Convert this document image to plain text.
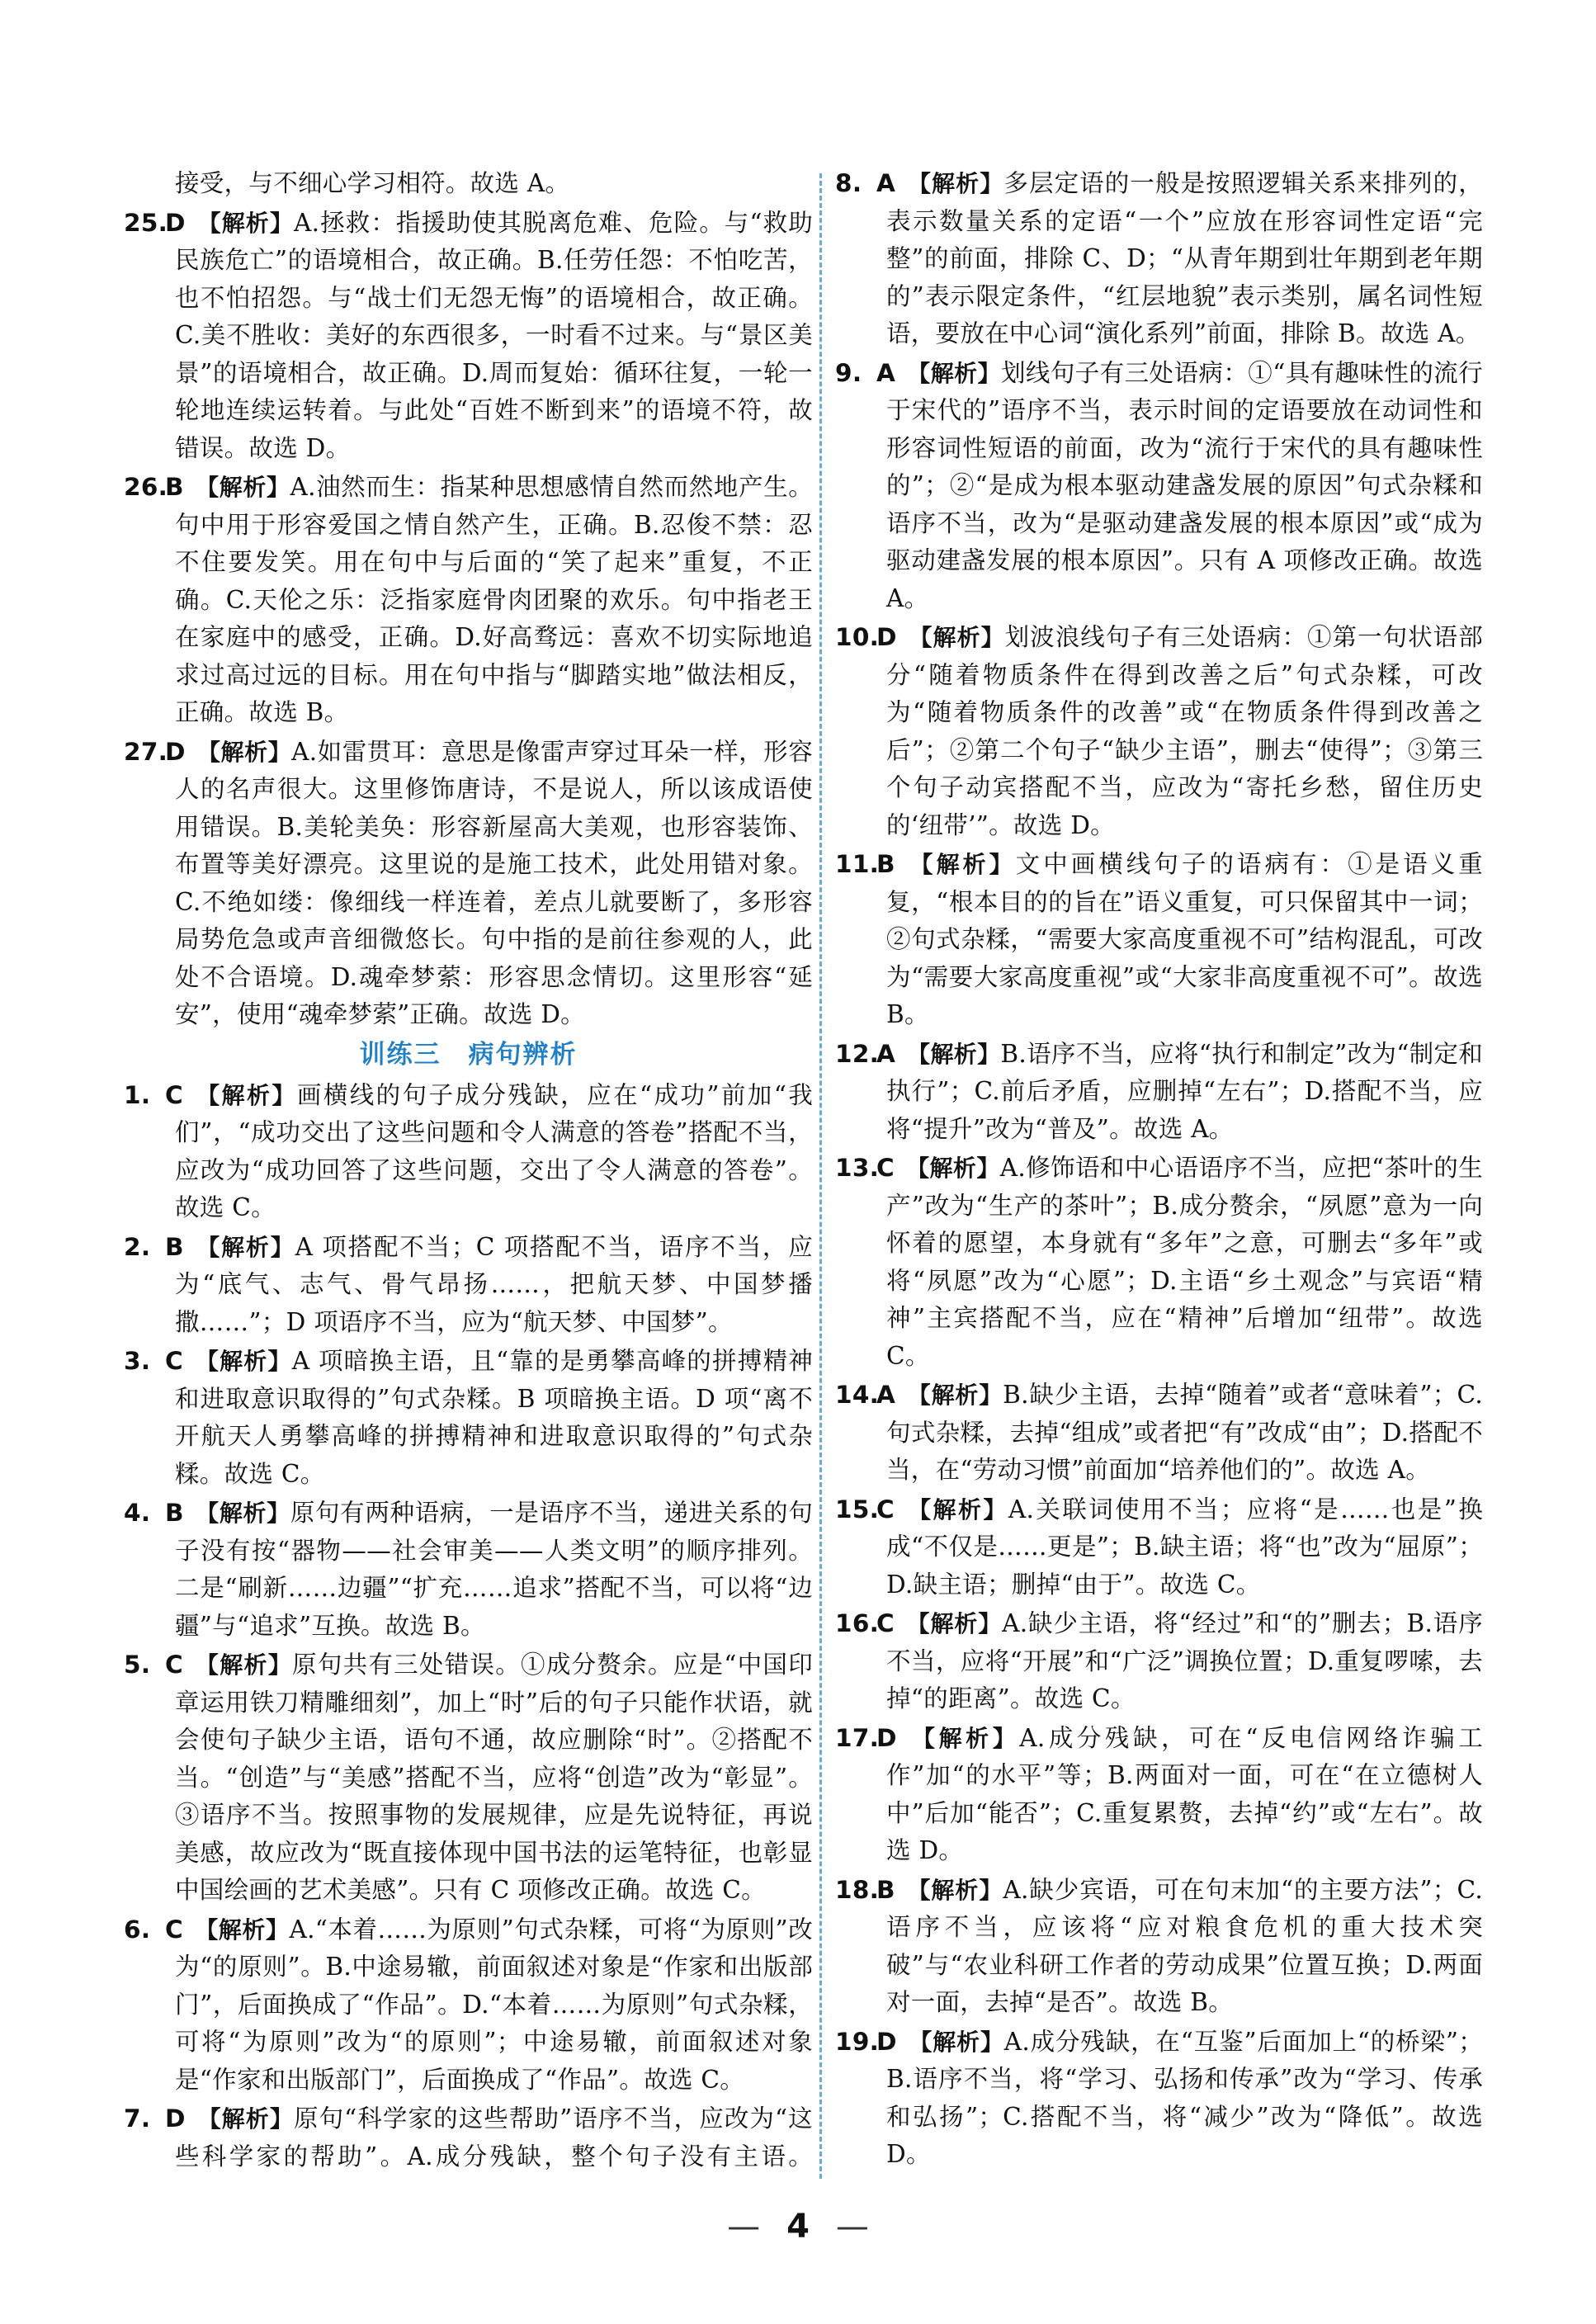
接受，与不细心学习相符。故选 A。
25.D 【解析】A.拯救：指援助使其脱离危难、危险。与“救助民族危亡”的语境相合，故正确。B.任劳任怨：不怕吃苦，也不怕招怨。与“战士们无怨无悔”的语境相合，故正确。C.美不胜收：美好的东西很多，一时看不过来。与“景区美景”的语境相合，故正确。D.周而复始：循环往复，一轮一轮地连续运转着。与此处“百姓不断到来”的语境不符，故错误。故选 D。
26.B 【解析】A.油然而生：指某种思想感情自然而然地产生。句中用于形容爱国之情自然产生，正确。B.忍俊不禁：忍不住要发笑。用在句中与后面的“笑了起来”重复，不正确。C.天伦之乐：泛指家庭骨肉团聚的欢乐。句中指老王在家庭中的感受，正确。D.好高骛远：喜欢不切实际地追求过高过远的目标。用在句中指与“脚踏实地”做法相反，正确。故选 B。
27.D 【解析】A.如雷贯耳：意思是像雷声穿过耳朵一样，形容人的名声很大。这里修饰唐诗，不是说人，所以该成语使用错误。B.美轮美奂：形容新屋高大美观，也形容装饰、布置等美好漂亮。这里说的是施工技术，此处用错对象。C.不绝如缕：像细线一样连着，差点儿就要断了，多形容局势危急或声音细微悠长。句中指的是前往参观的人，此处不合语境。D.魂牵梦萦：形容思念情切。这里形容“延安”，使用“魂牵梦萦”正确。故选 D。
训练三　病句辨析
1. C 【解析】画横线的句子成分残缺，应在“成功”前加“我们”，“成功交出了这些问题和令人满意的答卷”搭配不当，应改为“成功回答了这些问题，交出了令人满意的答卷”。故选 C。
2. B 【解析】A 项搭配不当；C 项搭配不当，语序不当，应为“底气、志气、骨气昂扬……，把航天梦、中国梦播撒……”；D 项语序不当，应为“航天梦、中国梦”。
3. C 【解析】A 项暗换主语，且“靠的是勇攀高峰的拼搏精神和进取意识取得的”句式杂糅。B 项暗换主语。D 项“离不开航天人勇攀高峰的拼搏精神和进取意识取得的”句式杂糅。故选 C。
4. B 【解析】原句有两种语病，一是语序不当，递进关系的句子没有按“器物——社会审美——人类文明”的顺序排列。二是“刷新……边疆”“扩充……追求”搭配不当，可以将“边疆”与“追求”互换。故选 B。
5. C 【解析】原句共有三处错误。①成分赘余。应是“中国印章运用铁刀精雕细刻”，加上“时”后的句子只能作状语，就会使句子缺少主语，语句不通，故应删除“时”。②搭配不当。“创造”与“美感”搭配不当，应将“创造”改为“彰显”。③语序不当。按照事物的发展规律，应是先说特征，再说美感，故应改为“既直接体现中国书法的运笔特征，也彰显中国绘画的艺术美感”。只有 C 项修改正确。故选 C。
6. C 【解析】A.“本着……为原则”句式杂糅，可将“为原则”改为“的原则”。B.中途易辙，前面叙述对象是“作家和出版部门”，后面换成了“作品”。D.“本着……为原则”句式杂糅，可将“为原则”改为“的原则”；中途易辙，前面叙述对象是“作家和出版部门”，后面换成了“作品”。故选 C。
7. D 【解析】原句“科学家的这些帮助”语序不当，应改为“这些科学家的帮助”。A.成分残缺，整个句子没有主语。
8. A 【解析】多层定语的一般是按照逻辑关系来排列的，表示数量关系的定语“一个”应放在形容词性定语“完整”的前面，排除 C、D；“从青年期到壮年期到老年期的”表示限定条件，“红层地貌”表示类别，属名词性短语，要放在中心词“演化系列”前面，排除 B。故选 A。
9. A 【解析】划线句子有三处语病：①“具有趣味性的流行于宋代的”语序不当，表示时间的定语要放在动词性和形容词性短语的前面，改为“流行于宋代的具有趣味性的”；②“是成为根本驱动建盏发展的原因”句式杂糅和语序不当，改为“是驱动建盏发展的根本原因”或“成为驱动建盏发展的根本原因”。只有 A 项修改正确。故选 A。
10.D 【解析】划波浪线句子有三处语病：①第一句状语部分“随着物质条件在得到改善之后”句式杂糅，可改为“随着物质条件的改善”或“在物质条件得到改善之后”；②第二个句子“缺少主语”，删去“使得”；③第三个句子动宾搭配不当，应改为“寄托乡愁，留住历史的‘纽带’”。故选 D。
11.B 【解析】文中画横线句子的语病有：①是语义重复，“根本目的的旨在”语义重复，可只保留其中一词；②句式杂糅，“需要大家高度重视不可”结构混乱，可改为“需要大家高度重视”或“大家非高度重视不可”。故选 B。
12.A 【解析】B.语序不当，应将“执行和制定”改为“制定和执行”；C.前后矛盾，应删掉“左右”；D.搭配不当，应将“提升”改为“普及”。故选 A。
13.C 【解析】A.修饰语和中心语语序不当，应把“茶叶的生产”改为“生产的茶叶”；B.成分赘余，“夙愿”意为一向怀着的愿望，本身就有“多年”之意，可删去“多年”或将“夙愿”改为“心愿”；D.主语“乡土观念”与宾语“精神”主宾搭配不当，应在“精神”后增加“纽带”。故选 C。
14.A 【解析】B.缺少主语，去掉“随着”或者“意味着”；C.句式杂糅，去掉“组成”或者把“有”改成“由”；D.搭配不当，在“劳动习惯”前面加“培养他们的”。故选 A。
15.C 【解析】A.关联词使用不当；应将“是……也是”换成“不仅是……更是”；B.缺主语；将“也”改为“屈原”；D.缺主语；删掉“由于”。故选 C。
16.C 【解析】A.缺少主语，将“经过”和“的”删去；B.语序不当，应将“开展”和“广泛”调换位置；D.重复啰嗦，去掉“的距离”。故选 C。
17.D 【解析】A.成分残缺，可在“反电信网络诈骗工作”加“的水平”等；B.两面对一面，可在“在立德树人中”后加“能否”；C.重复累赘，去掉“约”或“左右”。故选 D。
18.B 【解析】A.缺少宾语，可在句末加“的主要方法”；C.语序不当，应该将“应对粮食危机的重大技术突破”与“农业科研工作者的劳动成果”位置互换；D.两面对一面，去掉“是否”。故选 B。
19.D 【解析】A.成分残缺，在“互鉴”后面加上“的桥梁”；B.语序不当，将“学习、弘扬和传承”改为“学习、传承和弘扬”；C.搭配不当，将“减少”改为“降低”。故选 D。
— 4 —
